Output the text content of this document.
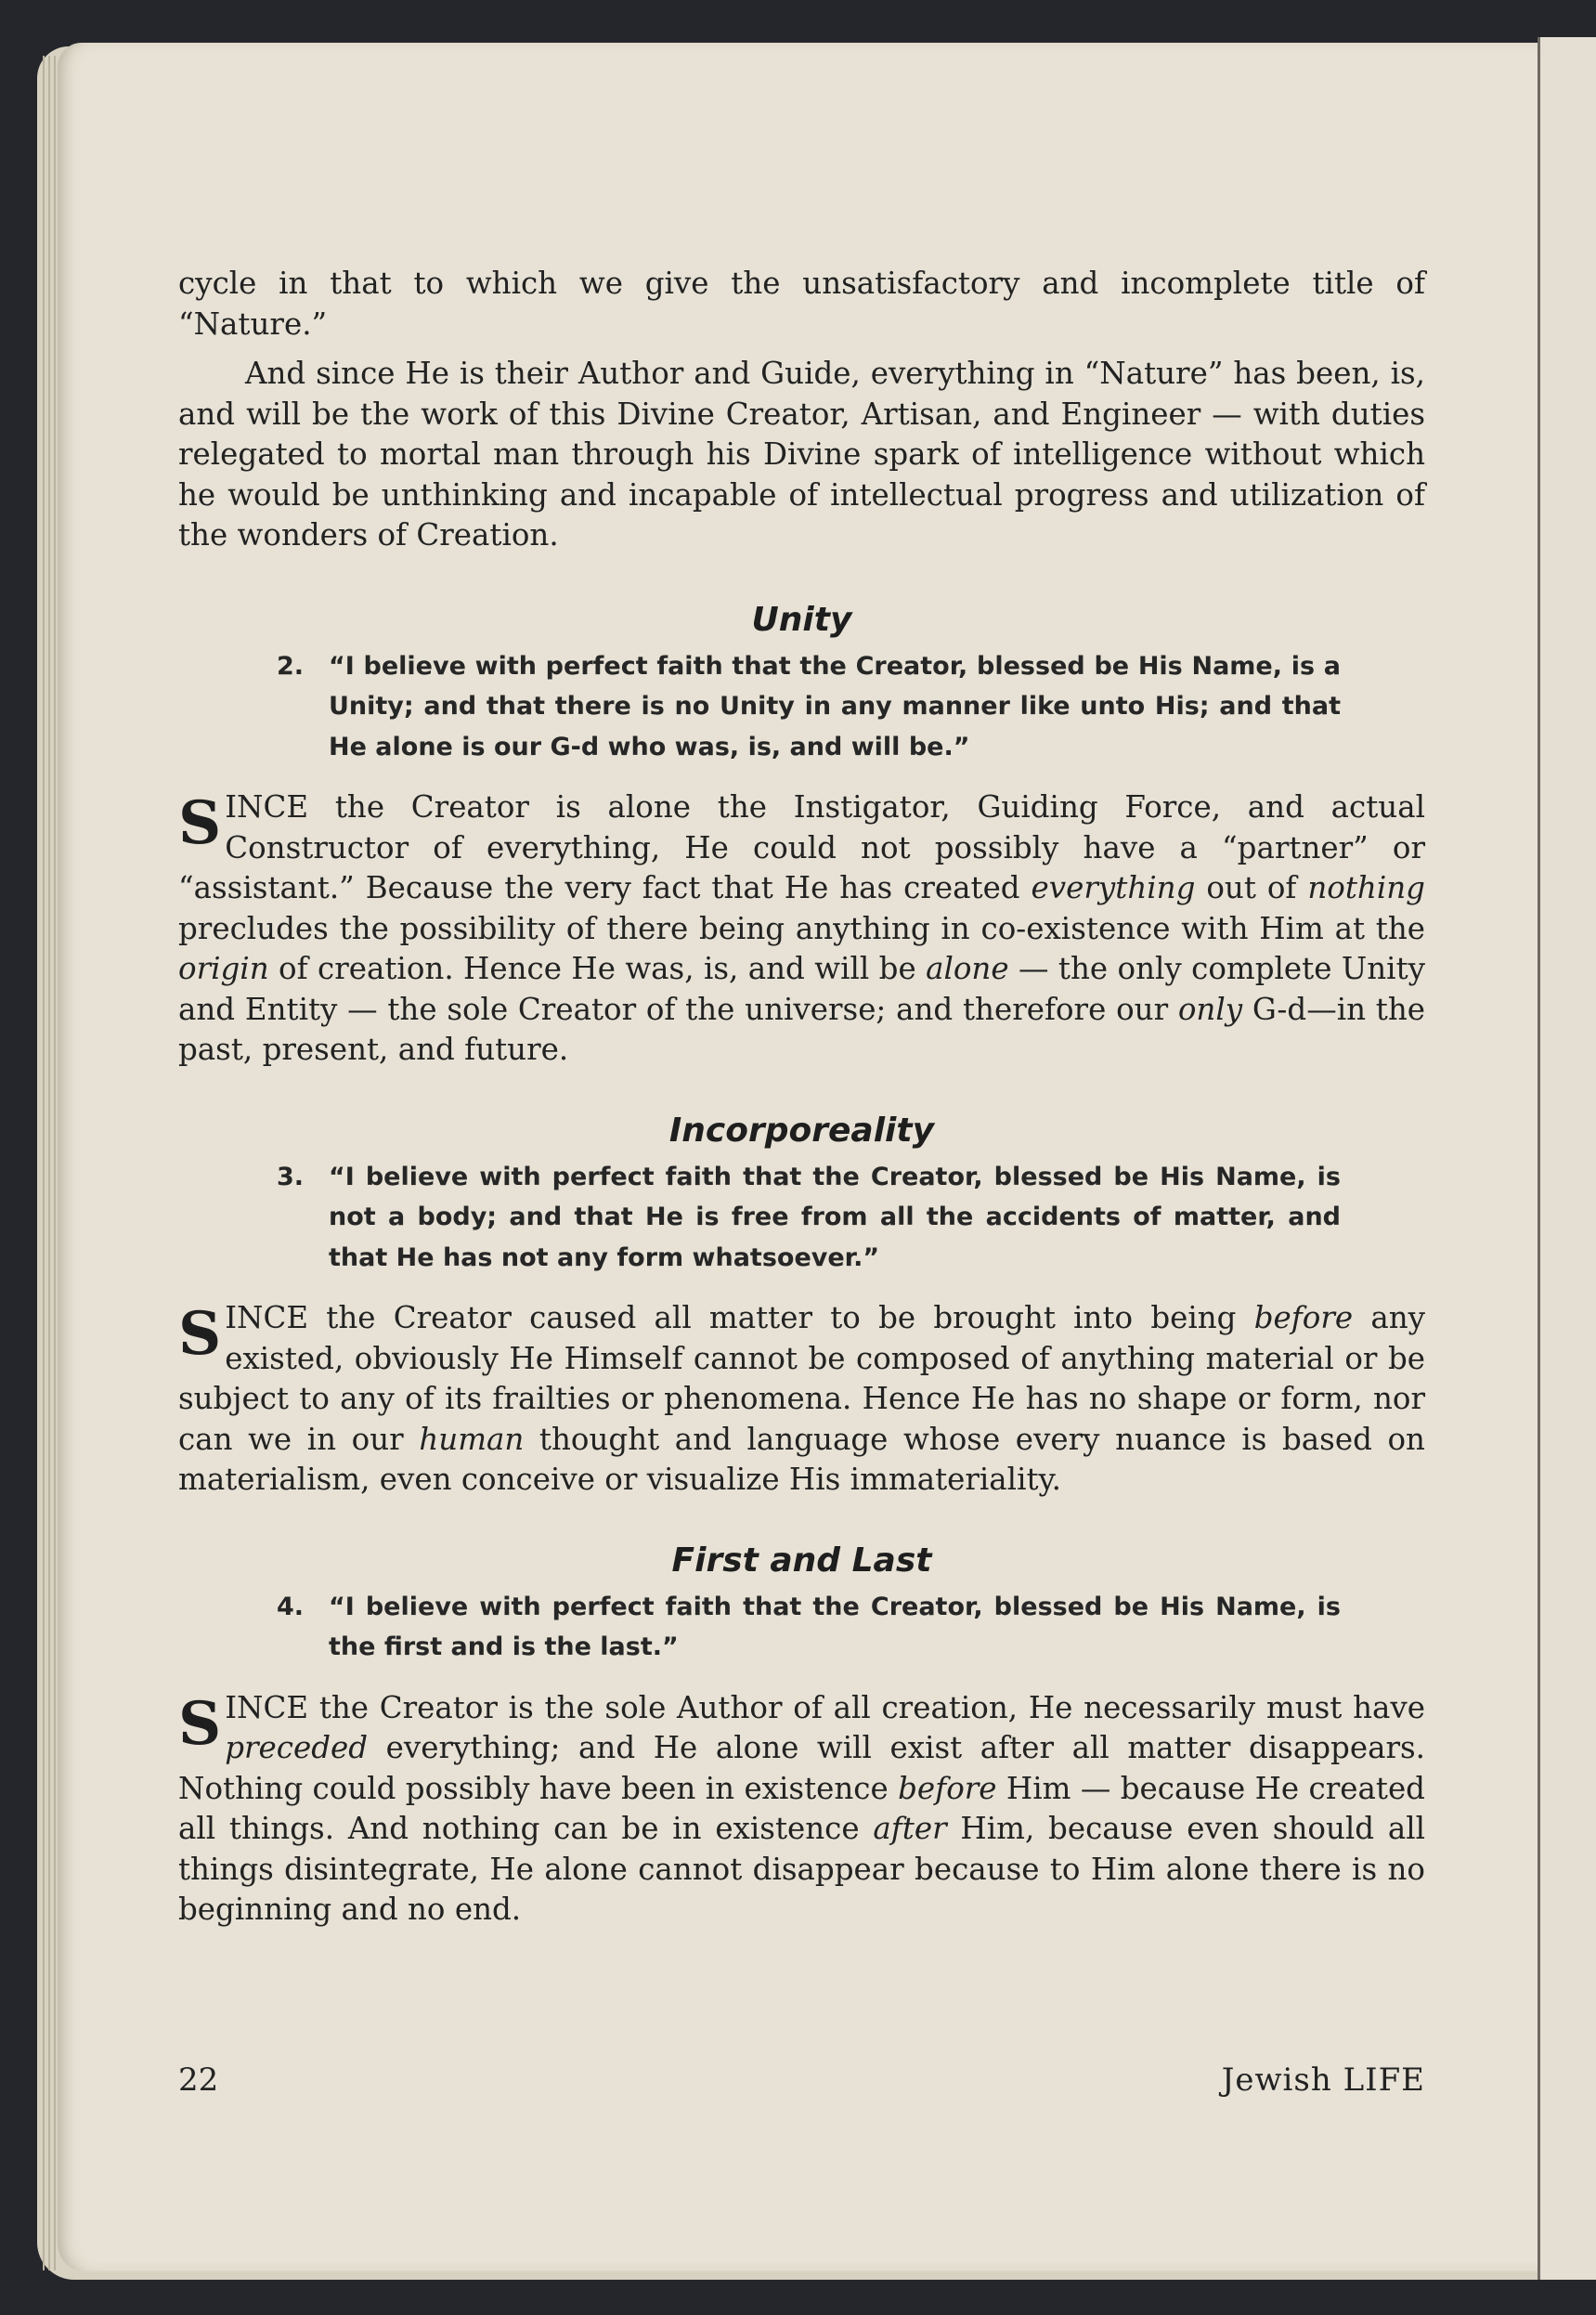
cycle in that to which we give the unsatisfactory and incomplete title of “Nature.”

And since He is their Author and Guide, everything in “Nature” has been, is, and will be the work of this Divine Creator, Artisan, and Engineer — with duties relegated to mortal man through his Divine spark of intelligence without which he would be unthinking and incapable of intellectual progress and utilization of the wonders of Creation.

Unity

2. “I believe with perfect faith that the Creator, blessed be His Name, is a Unity; and that there is no Unity in any manner like unto His; and that He alone is our G-d who was, is, and will be.”

S INCE the Creator is alone the Instigator, Guiding Force, and actual Constructor of everything, He could not possibly have a “partner” or “assistant.” Because the very fact that He has created everything out of nothing precludes the possibility of there being anything in co-existence with Him at the origin of creation. Hence He was, is, and will be alone — the only complete Unity and Entity — the sole Creator of the universe; and therefore our only G-d—in the past, present, and future.

Incorporeality

3. “I believe with perfect faith that the Creator, blessed be His Name, is not a body; and that He is free from all the accidents of matter, and that He has not any form whatsoever.”

S INCE the Creator caused all matter to be brought into being before any existed, obviously He Himself cannot be composed of anything material or be subject to any of its frailties or phenomena. Hence He has no shape or form, nor can we in our human thought and language whose every nuance is based on materialism, even conceive or visualize His immateriality.

First and Last

4. “I believe with perfect faith that the Creator, blessed be His Name, is the first and is the last.”

S INCE the Creator is the sole Author of all creation, He necessarily must have preceded everything; and He alone will exist after all matter disappears. Nothing could possibly have been in existence before Him — because He created all things. And nothing can be in existence after Him, because even should all things disintegrate, He alone cannot disappear because to Him alone there is no beginning and no end.

22	Jewish LIFE
